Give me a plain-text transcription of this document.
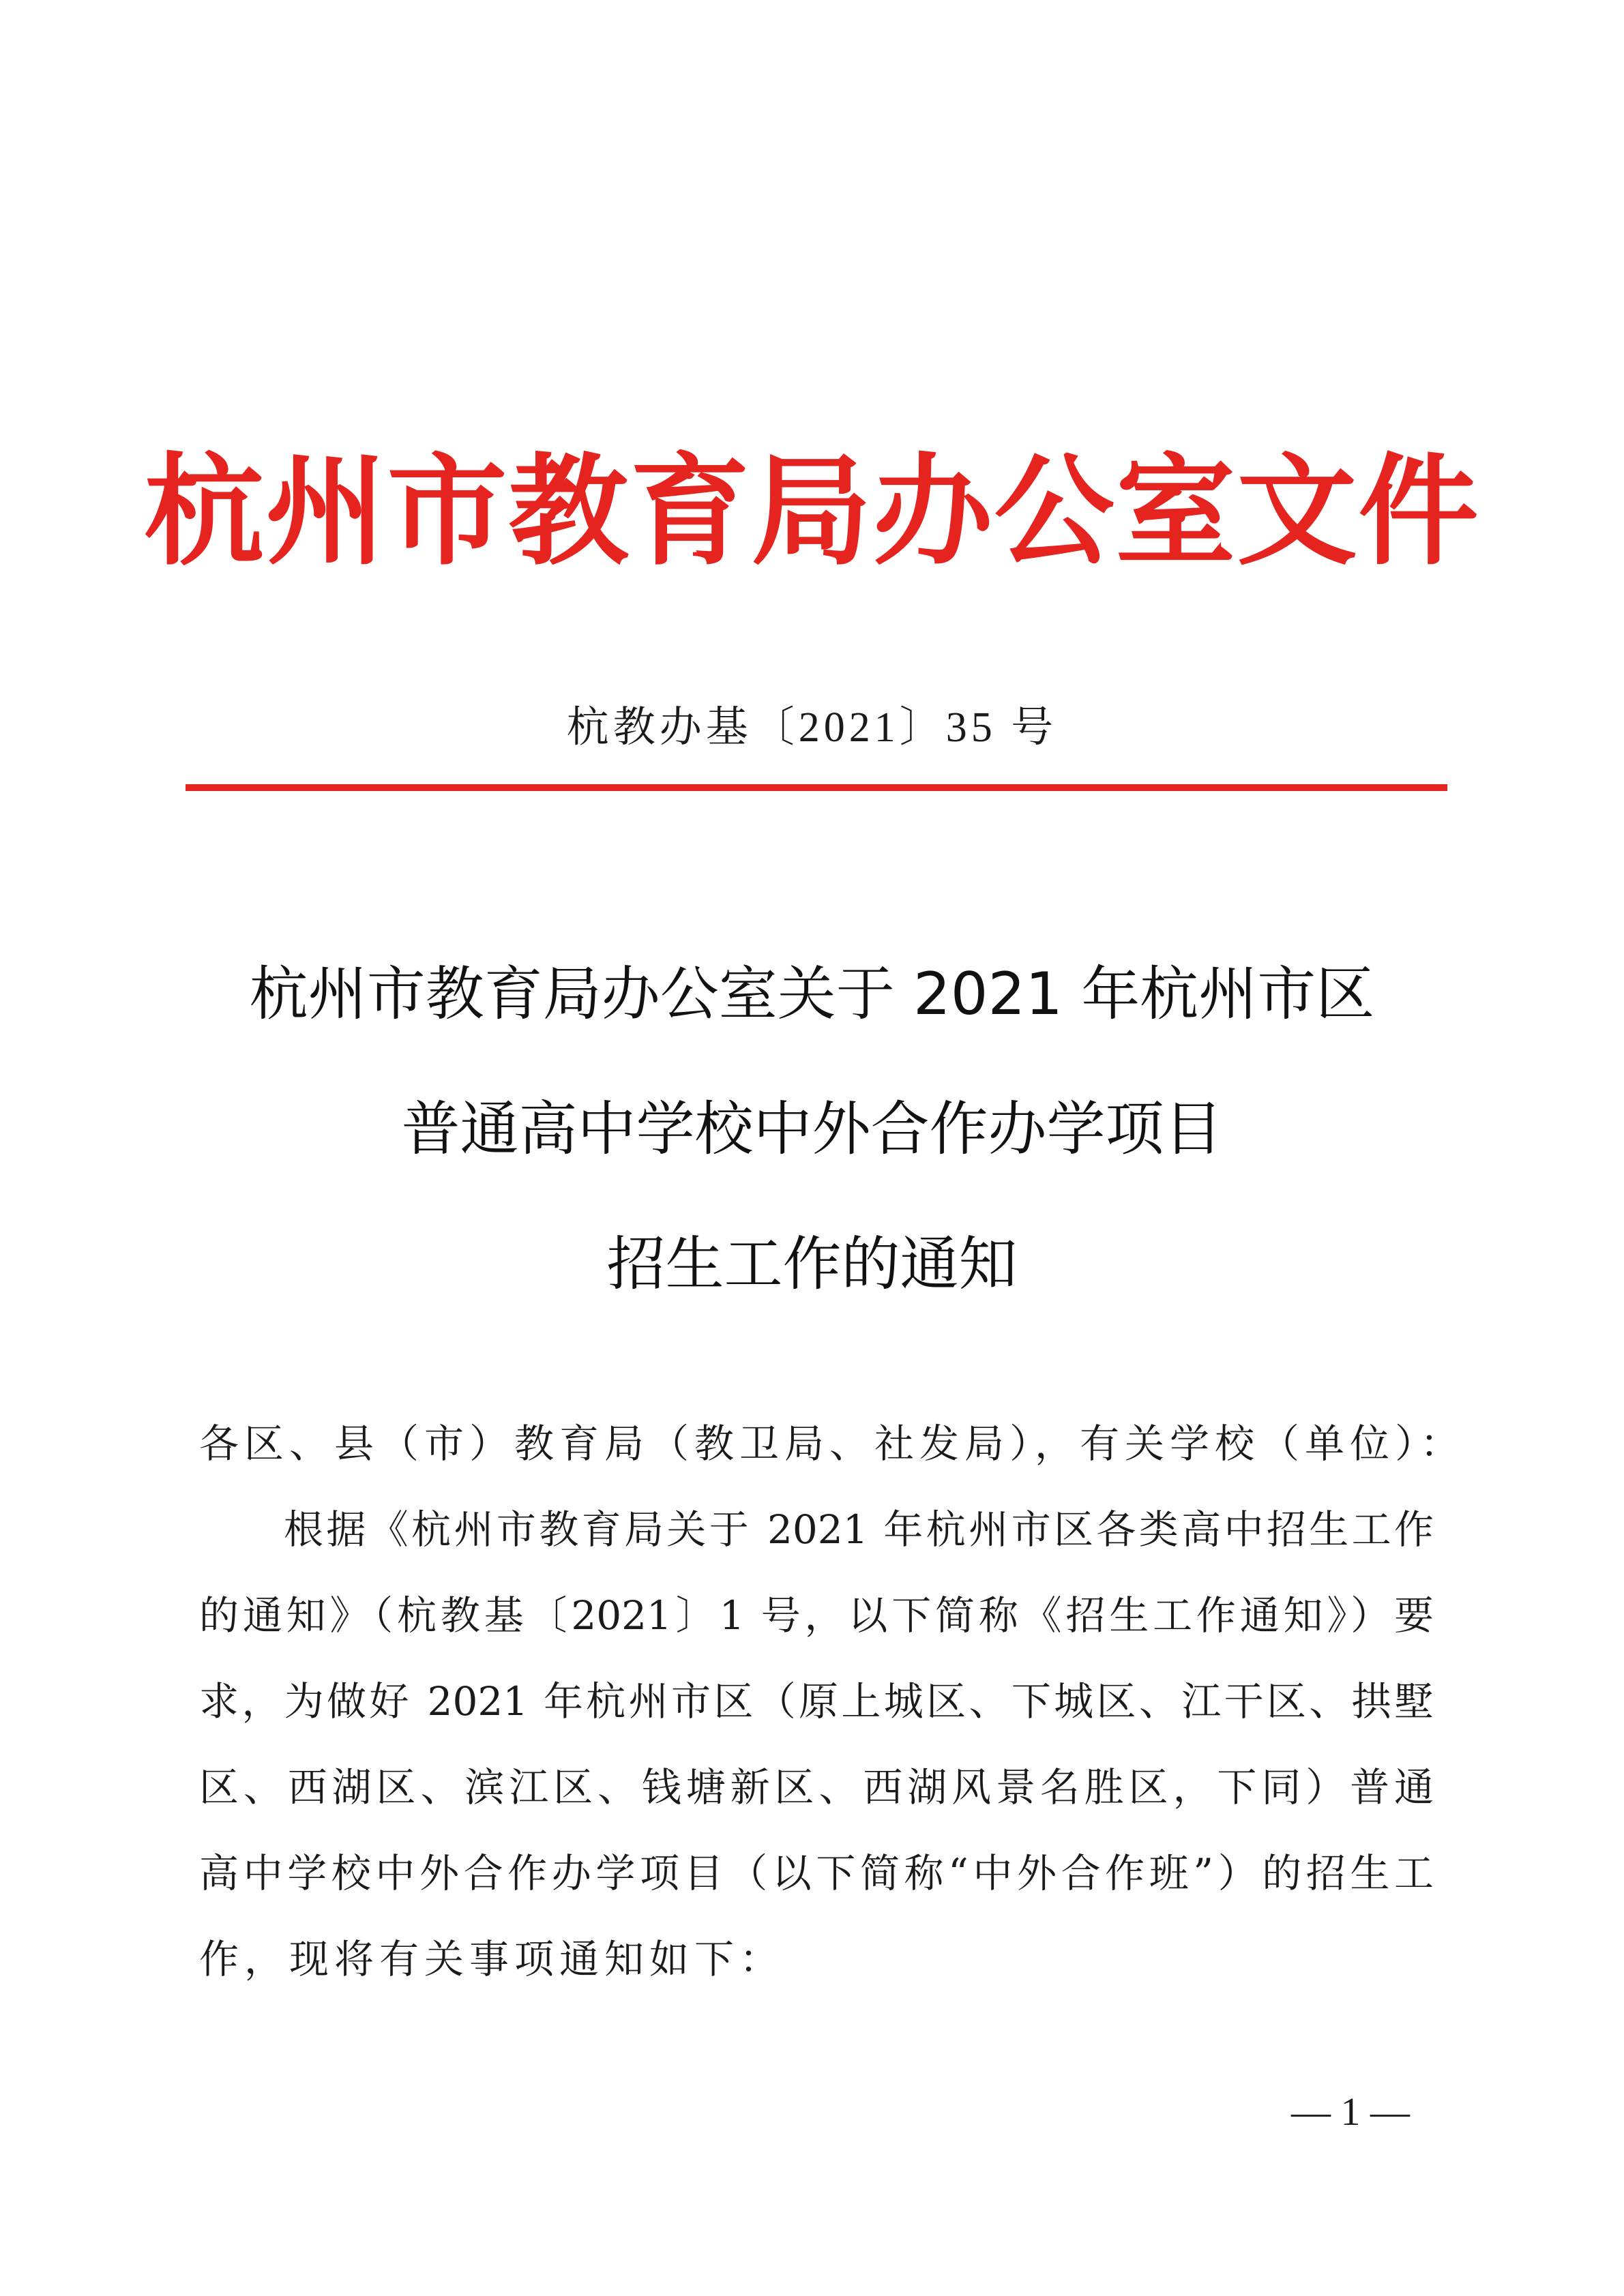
杭州市教育局办公室文件
杭教办基〔2021〕35 号
杭州市教育局办公室关于 2021 年杭州市区
普通高中学校中外合作办学项目
招生工作的通知
各区、县（市）教育局（教卫局、社发局），有关学校（单位）：
根据《杭州市教育局关于 2021 年杭州市区各类高中招生工作
的通知》（杭教基〔2021〕1 号，以下简称《招生工作通知》）要
求，为做好 2021 年杭州市区（原上城区、下城区、江干区、拱墅
区、西湖区、滨江区、钱塘新区、西湖风景名胜区，下同）普通
高中学校中外合作办学项目（以下简称“中外合作班”）的招生工
作，现将有关事项通知如下：
— 1 —
